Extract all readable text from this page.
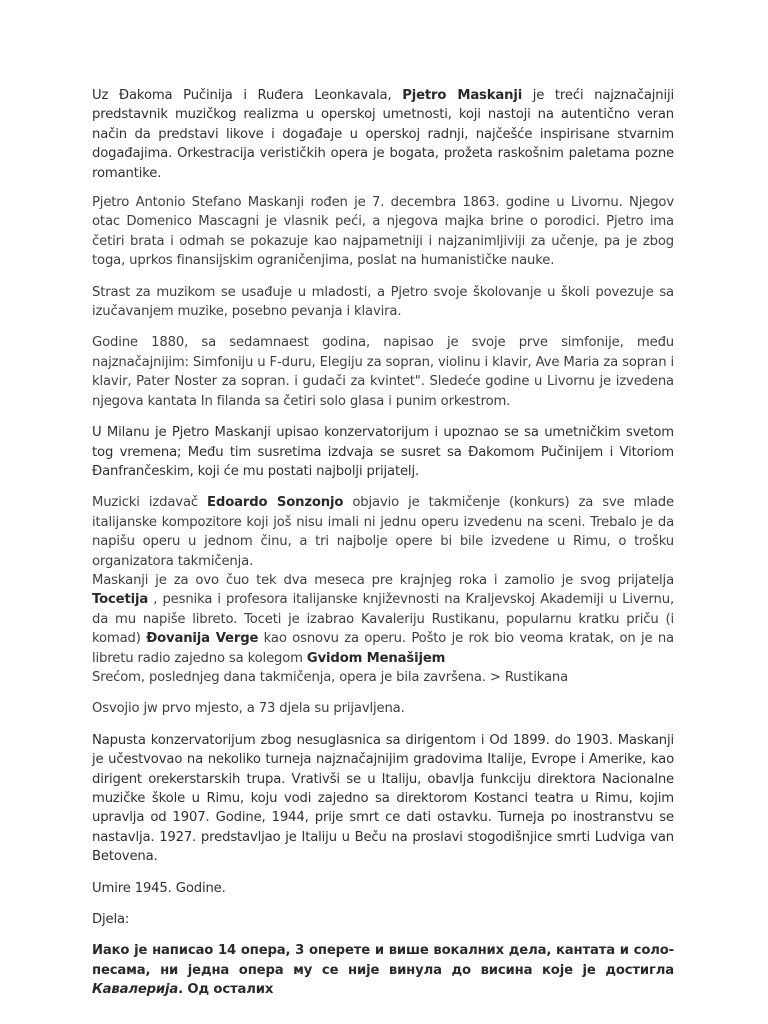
Uz Đakoma Pučinija i Ruđera Leonkavala, Pjetro Maskanji je treći najznačajniji predstavnik muzičkog realizma u operskoj umetnosti, koji nastoji na autentično veran način da predstavi likove i događaje u operskoj radnji, najčešće inspirisane stvarnim događajima. Orkestracija verističkih opera je bogata, prožeta raskošnim paletama pozne romantike.

Pjetro Antonio Stefano Maskanji rođen je 7. decembra 1863. godine u Livornu. Njegov otac Domenico Mascagni je vlasnik peći, a njegova majka brine o porodici. Pjetro ima četiri brata i odmah se pokazuje kao najpametniji i najzanimljiviji za učenje, pa je zbog toga, uprkos finansijskim ograničenjima, poslat na humanističke nauke.

Strast za muzikom se usađuje u mladosti, a Pjetro svoje školovanje u školi povezuje sa izučavanjem muzike, posebno pevanja i klavira.

Godine 1880, sa sedamnaest godina, napisao je svoje prve simfonije, među najznačajnijim: Simfoniju u F-duru, Elegiju za sopran, violinu i klavir, Ave Maria za sopran i klavir, Pater Noster za sopran. i gudači za kvintet". Sledeće godine u Livornu je izvedena njegova kantata In filanda sa četiri solo glasa i punim orkestrom.

U Milanu je Pjetro Maskanji upisao konzervatorijum i upoznao se sa umetničkim svetom tog vremena; Među tim susretima izdvaja se susret sa Đakomom Pučinijem i Vitoriom Đanfrančeskim, koji će mu postati najbolji prijatelj.

Muzicki izdavač Edoardo Sonzonjo objavio je takmičenje (konkurs) za sve mlade italijanske kompozitore koji još nisu imali ni jednu operu izvedenu na sceni. Trebalo je da napišu operu u jednom činu, a tri najbolje opere bi bile izvedene u Rimu, o trošku organizatora takmičenja.

Maskanji je za ovo čuo tek dva meseca pre krajnjeg roka i zamolio je svog prijatelja Tocetija , pesnika i profesora italijanske književnosti na Kraljevskoj Akademiji u Livernu, da mu napiše libreto. Toceti je izabrao Kavaleriju Rustikanu, popularnu kratku priču (i komad) Đovanija Verge kao osnovu za operu. Pošto je rok bio veoma kratak, on je na libretu radio zajedno sa kolegom Gvidom Menašijem

Srećom, poslednjeg dana takmičenja, opera je bila završena. > Rustikana

Osvojio jw prvo mjesto, a 73 djela su prijavljena.

Napusta konzervatorijum zbog nesuglasnica sa dirigentom i Od 1899. do 1903. Maskanji je učestvovao na nekoliko turneja najznačajnijim gradovima Italije, Evrope i Amerike, kao dirigent orekerstarskih trupa. Vrativši se u Italiju, obavlja funkciju direktora Nacionalne muzičke škole u Rimu, koju vodi zajedno sa direktorom Kostanci teatra u Rimu, kojim upravlja od 1907. Godine, 1944, prije smrt ce dati ostavku. Turneja po inostranstvu se nastavlja. 1927. predstavljao je Italiju u Beču na proslavi stogodišnjice smrti Ludviga van Betovena.

Umire 1945. Godine.

Djela:

Иако је написао 14 опера, 3 оперете и више вокалних дела, кантата и соло-песама, ни једна опера му се није винула до висина које је достигла Кавалерија. Од осталих
